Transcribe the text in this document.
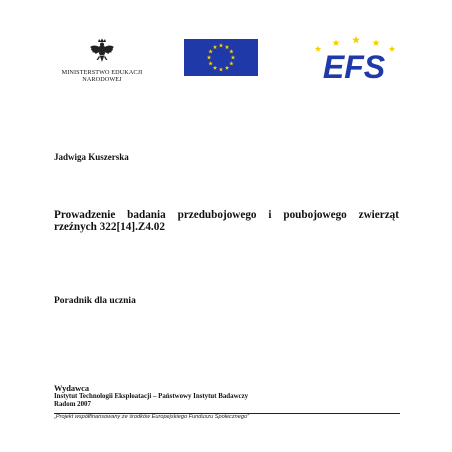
MINISTERSTWO EDUKACJI
NARODOWEJ	EFS
Jadwiga Kuszerska
Prowadzenie badania przedubojowego i poubojowego zwierząt rzeźnych 322[14].Z4.02
Poradnik dla ucznia
Wydawca
Instytut Technologii Eksploatacji – Państwowy Instytut Badawczy
Radom 2007
„Projekt współfinansowany ze środków Europejskiego Funduszu Społecznego”
